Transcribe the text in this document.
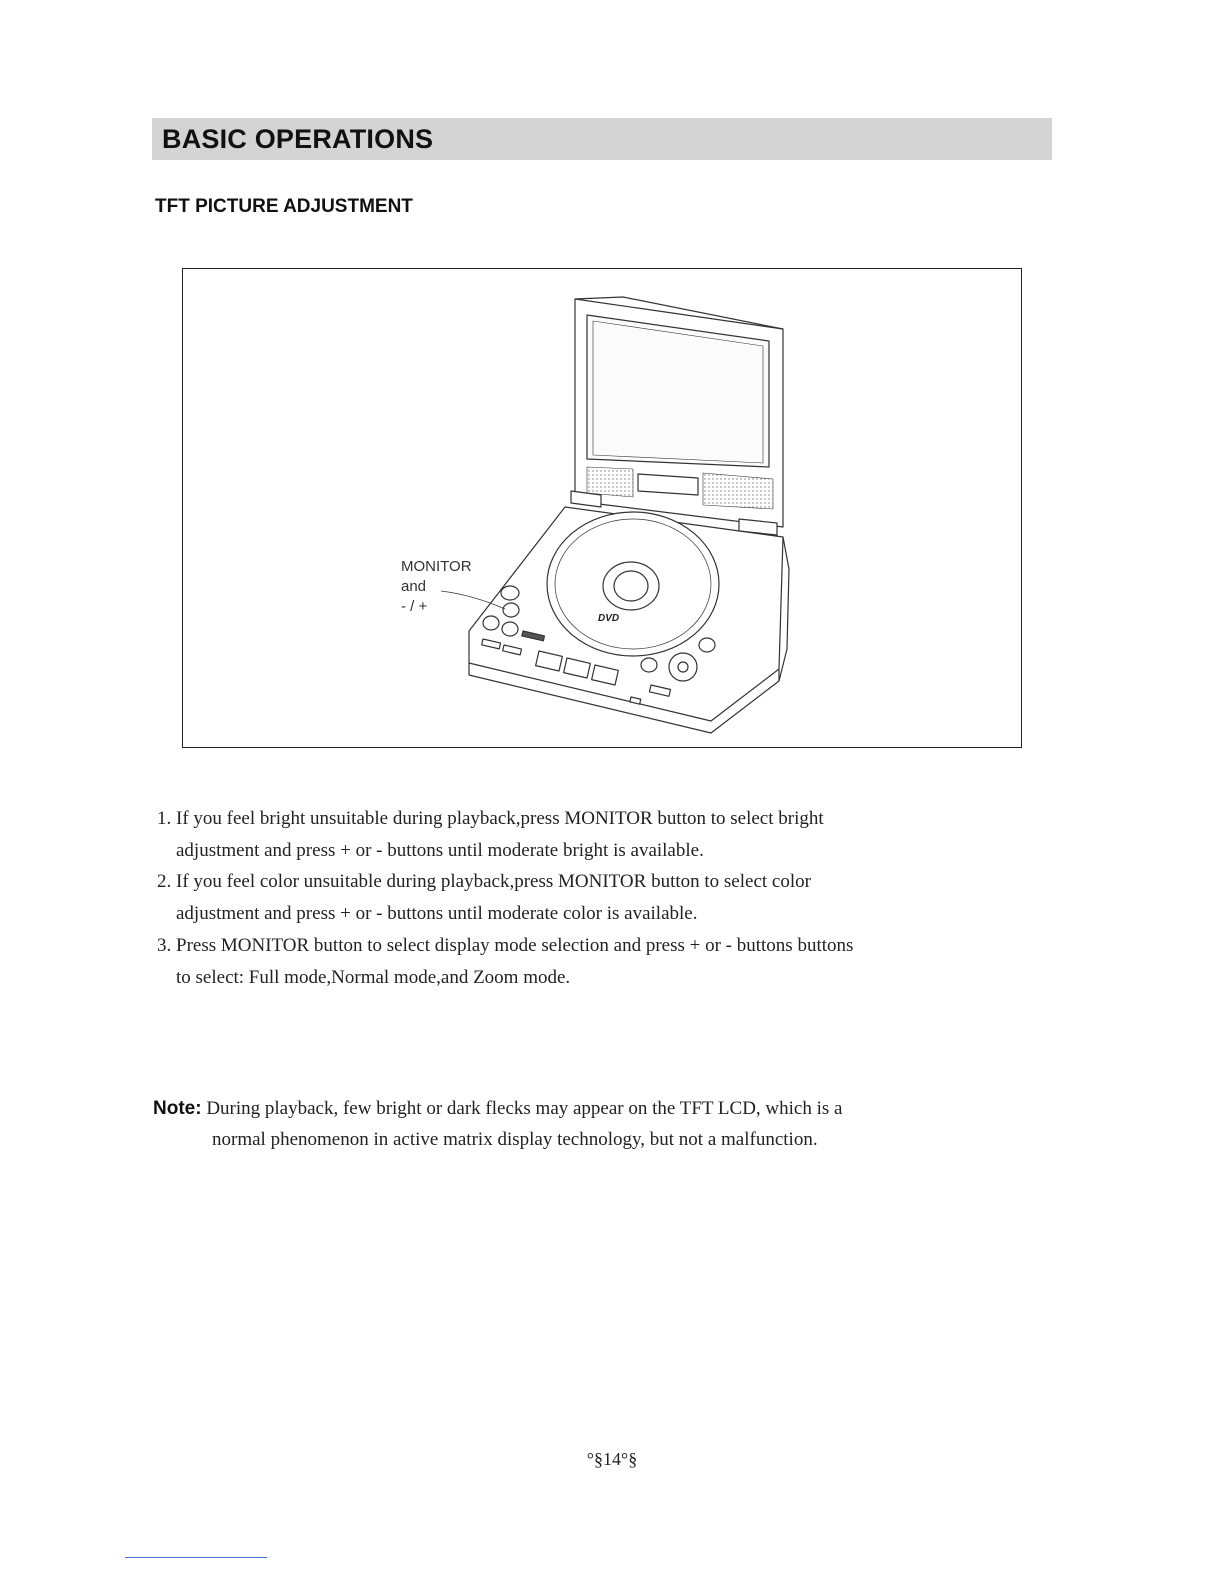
BASIC OPERATIONS
TFT PICTURE ADJUSTMENT
DVD
MONITOR
and
- / +
1. If you feel bright unsuitable during playback,press MONITOR button to select bright
adjustment and press + or - buttons until moderate bright is available.
2. If you feel color unsuitable during playback,press MONITOR button to select color
adjustment and press + or - buttons until moderate color is available.
3. Press MONITOR button to select display mode selection and press + or - buttons buttons
to select: Full mode,Normal mode,and Zoom mode.
Note: During playback, few bright or dark flecks may appear on the TFT LCD, which is a
normal phenomenon in active matrix display technology, but not a malfunction.
°§14°§
